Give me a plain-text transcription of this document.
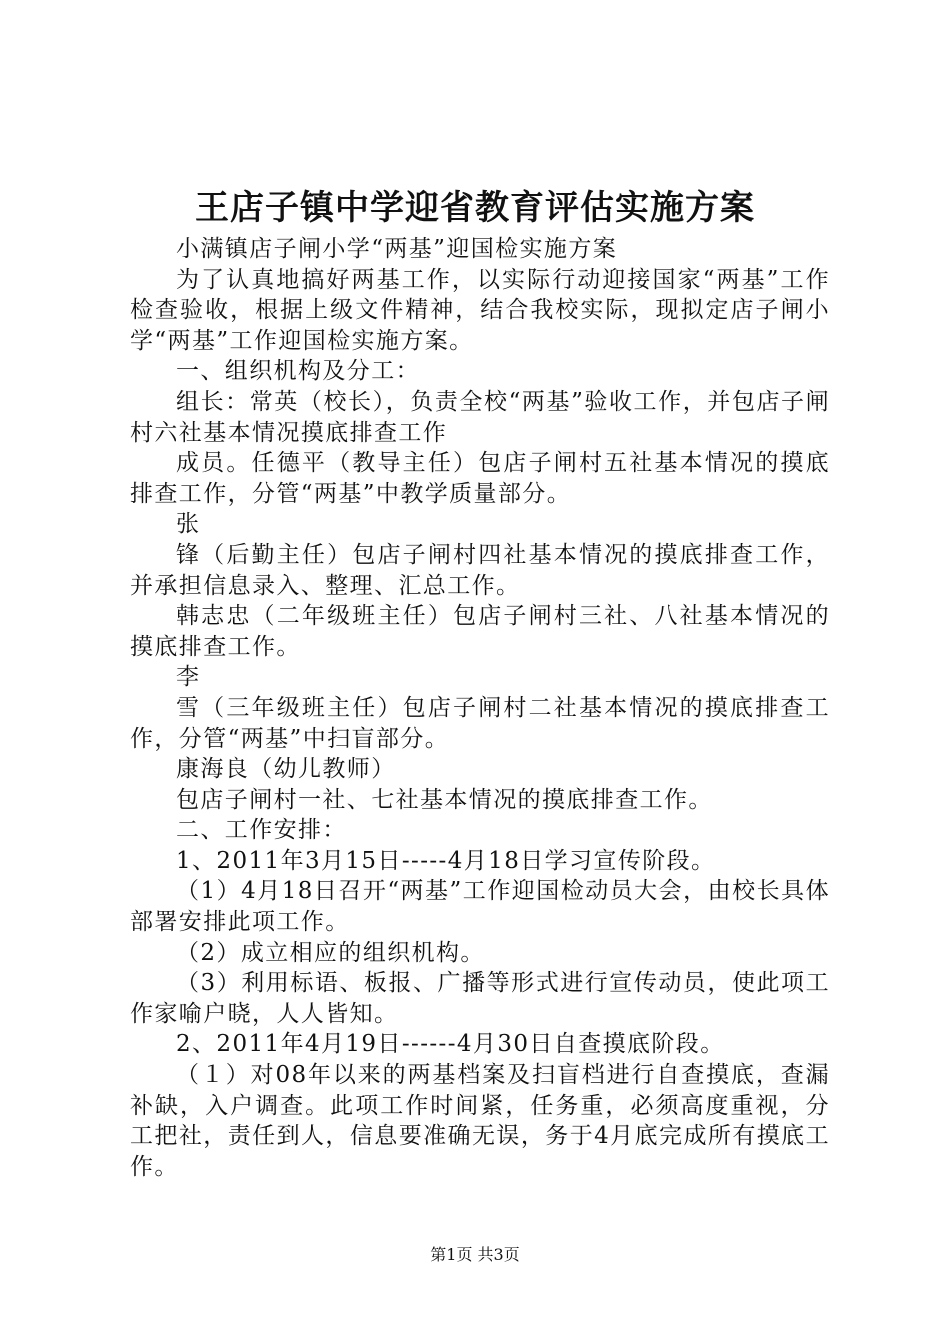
王店子镇中学迎省教育评估实施方案

小满镇店子闸小学“两基”迎国检实施方案

为了认真地搞好两基工作，以实际行动迎接国家“两基”工作检查验收，根据上级文件精神，结合我校实际，现拟定店子闸小学“两基”工作迎国检实施方案。

一、组织机构及分工：

组长：常英（校长），负责全校“两基”验收工作，并包店子闸村六社基本情况摸底排查工作

成员。任德平（教导主任）包店子闸村五社基本情况的摸底排查工作，分管“两基”中教学质量部分。

张

锋（后勤主任）包店子闸村四社基本情况的摸底排查工作，并承担信息录入、整理、汇总工作。

韩志忠（二年级班主任）包店子闸村三社、八社基本情况的摸底排查工作。

李

雪（三年级班主任）包店子闸村二社基本情况的摸底排查工作，分管“两基”中扫盲部分。

康海良（幼儿教师）

包店子闸村一社、七社基本情况的摸底排查工作。

二、工作安排：

1、2011年3月15日-----4月18日学习宣传阶段。

（1）4月18日召开“两基”工作迎国检动员大会，由校长具体部署安排此项工作。

（2）成立相应的组织机构。

（3）利用标语、板报、广播等形式进行宣传动员，使此项工作家喻户晓，人人皆知。

2、2011年4月19日------4月30日自查摸底阶段。

（１）对08年以来的两基档案及扫盲档进行自查摸底，查漏补缺，入户调查。此项工作时间紧，任务重，必须高度重视，分工把社，责任到人，信息要准确无误，务于4月底完成所有摸底工作。

第1页 共3页
